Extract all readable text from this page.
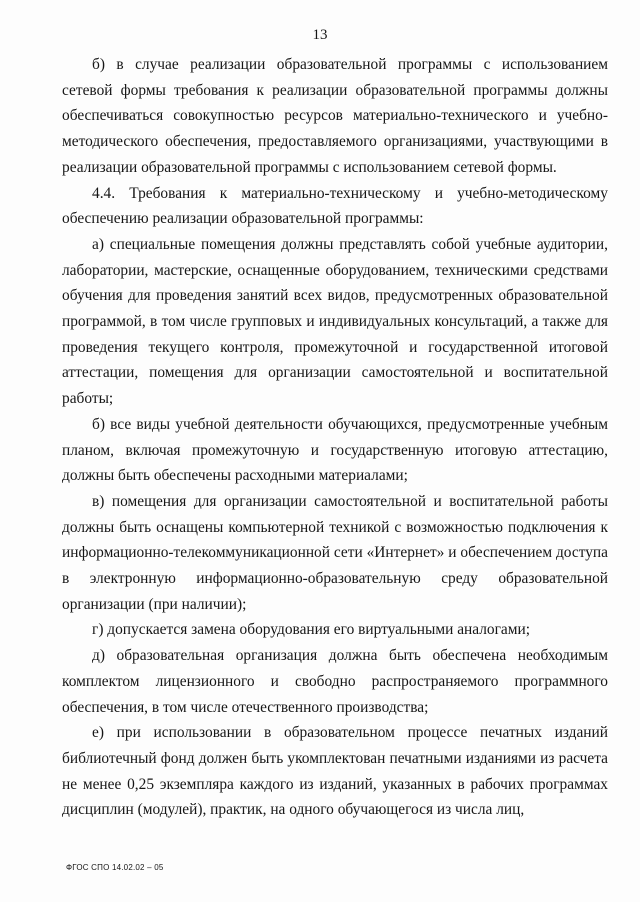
13

б) в случае реализации образовательной программы с использованием сетевой формы требования к реализации образовательной программы должны обеспечиваться совокупностью ресурсов материально-технического и учебно-методического обеспечения, предоставляемого организациями, участвующими в реализации образовательной программы с использованием сетевой формы.

4.4. Требования к материально-техническому и учебно-методическому обеспечению реализации образовательной программы:

а) специальные помещения должны представлять собой учебные аудитории, лаборатории, мастерские, оснащенные оборудованием, техническими средствами обучения для проведения занятий всех видов, предусмотренных образовательной программой, в том числе групповых и индивидуальных консультаций, а также для проведения текущего контроля, промежуточной и государственной итоговой аттестации, помещения для организации самостоятельной и воспитательной работы;

б) все виды учебной деятельности обучающихся, предусмотренные учебным планом, включая промежуточную и государственную итоговую аттестацию, должны быть обеспечены расходными материалами;

в) помещения для организации самостоятельной и воспитательной работы должны быть оснащены компьютерной техникой с возможностью подключения к информационно-телекоммуникационной сети «Интернет» и обеспечением доступа в электронную информационно-образовательную среду образовательной организации (при наличии);

г) допускается замена оборудования его виртуальными аналогами;

д) образовательная организация должна быть обеспечена необходимым комплектом лицензионного и свободно распространяемого программного обеспечения, в том числе отечественного производства;

е) при использовании в образовательном процессе печатных изданий библиотечный фонд должен быть укомплектован печатными изданиями из расчета не менее 0,25 экземпляра каждого из изданий, указанных в рабочих программах дисциплин (модулей), практик, на одного обучающегося из числа лиц,

ФГОС СПО 14.02.02 – 05
